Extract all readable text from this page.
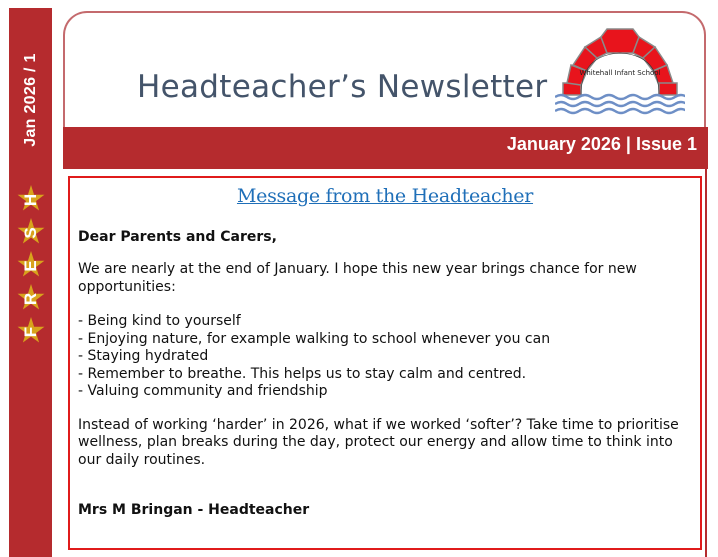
Jan 2026 / 1
H
S
E
R
F
Headteacher’s Newsletter	Whitehall Infant School
January 2026 | Issue 1
Message from the Headteacher
Dear Parents and Carers,
We are nearly at the end of January. I hope this new year brings chance for new opportunities:
- Being kind to yourself
- Enjoying nature, for example walking to school whenever you can
- Staying hydrated
- Remember to breathe. This helps us to stay calm and centred.
- Valuing community and friendship
Instead of working ‘harder’ in 2026, what if we worked ‘softer’? Take time to prioritise wellness, plan breaks during the day, protect our energy and allow time to think into our daily routines.
Mrs M Bringan - Headteacher
